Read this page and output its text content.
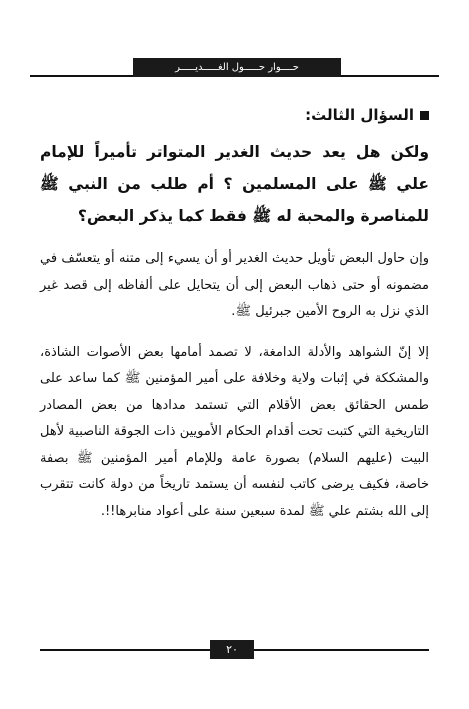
حــــوار حـــــول الغـــــديـــــر
السؤال الثالث:

ولكن هل يعد حديث الغدير المتواتر تأميراً للإمام علي ﷺ على المسلمين ؟ أم طلب من النبي ﷺ للمناصرة والمحبة له ﷺ فقط كما يذكر البعض؟

وإن حاول البعض تأويل حديث الغدير أو أن يسيء إلى متنه أو يتعسّف في مضمونه أو حتى ذهاب البعض إلى أن يتحايل على ألفاظه إلى قصد غير الذي نزل به الروح الأمين جبرئيل ﷺ.

إلا إنّ الشواهد والأدلة الدامغة، لا تصمد أمامها بعض الأصوات الشاذة، والمشككة في إثبات ولاية وخلافة على أمير المؤمنين ﷺ كما ساعد على طمس الحقائق بعض الأقلام التي تستمد مدادها من بعض المصادر التاريخية التي كتبت تحت أقدام الحكام الأمويين ذات الجوقة الناصبية لأهل البيت (عليهم السلام) بصورة عامة وللإمام أمير المؤمنين ﷺ بصفة خاصة، فكيف يرضى كاتب لنفسه أن يستمد تاريخاً من دولة كانت تتقرب إلى الله بشتم علي ﷺ لمدة سبعين سنة على أعواد منابرها!!.

٢٠
